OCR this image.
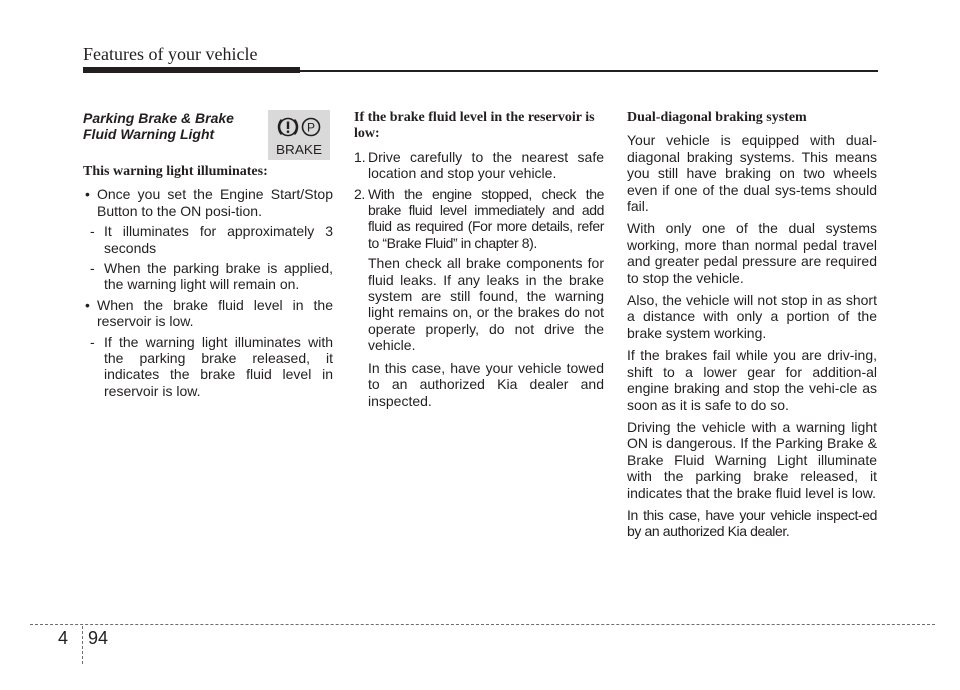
Features of your vehicle
P
BRAKE
Parking Brake & Brake
Fluid Warning Light
This warning light illuminates:
• Once you set the Engine Start/Stop Button to the ON posi-tion.
- It illuminates for approximately 3 seconds
- When the parking brake is applied, the warning light will remain on.
• When the brake fluid level in the reservoir is low.
- If the warning light illuminates with the parking brake released, it indicates the brake fluid level in reservoir is low.
If the brake fluid level in the reservoir is low:
1. Drive carefully to the nearest safe location and stop your vehicle.
2. With the engine stopped, check the brake fluid level immediately and add fluid as required (For more details, refer to “Brake Fluid” in chapter 8).
Then check all brake components for fluid leaks. If any leaks in the brake system are still found, the warning light remains on, or the brakes do not operate properly, do not drive the vehicle.
In this case, have your vehicle towed to an authorized Kia dealer and inspected.
Dual-diagonal braking system

Your vehicle is equipped with dual-diagonal braking systems. This means you still have braking on two wheels even if one of the dual sys-tems should fail.

With only one of the dual systems working, more than normal pedal travel and greater pedal pressure are required to stop the vehicle.

Also, the vehicle will not stop in as short a distance with only a portion of the brake system working.

If the brakes fail while you are driv-ing, shift to a lower gear for addition-al engine braking and stop the vehi-cle as soon as it is safe to do so.

Driving the vehicle with a warning light ON is dangerous. If the Parking Brake & Brake Fluid Warning Light illuminate with the parking brake released, it indicates that the brake fluid level is low.

In this case, have your vehicle inspect-ed by an authorized Kia dealer.

4 94
